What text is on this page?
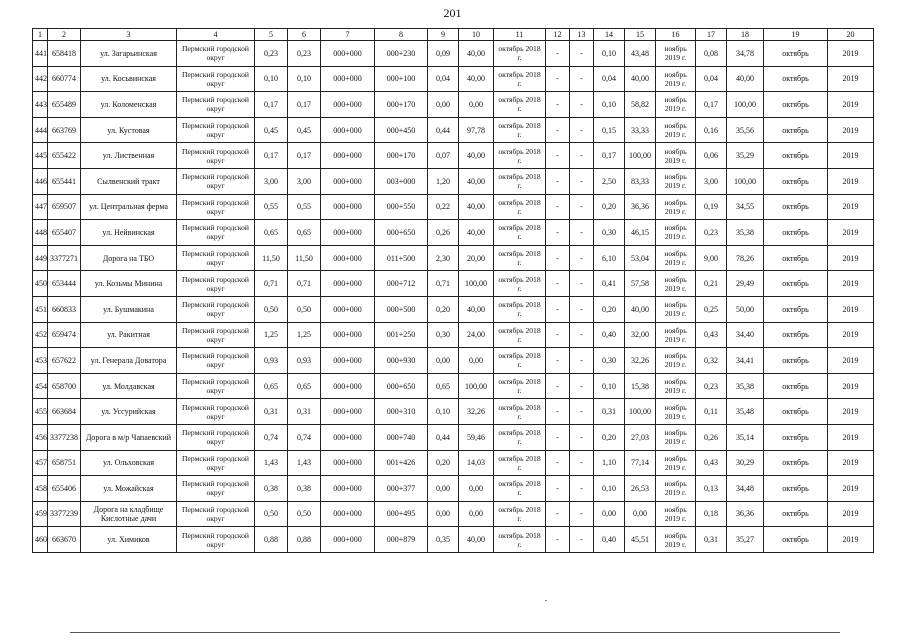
201
1	2	3	4	5	6	7	8	9	10	11	12	13	14	15	16	17	18	19	20
441	658418	ул. Загарьинская	Пермский городской округ	0,23	0,23	000+000	000+230	0,09	40,00	октябрь 2018 г.	-	-	0,10	43,48	ноябрь 2019 г.	0,08	34,78	октябрь	2019
442	660774	ул. Косьвинская	Пермский городской округ	0,10	0,10	000+000	000+100	0,04	40,00	октябрь 2018 г.	-	-	0,04	40,00	ноябрь 2019 г.	0,04	40,00	октябрь	2019
443	655489	ул. Коломенская	Пермский городской округ	0,17	0,17	000+000	000+170	0,00	0,00	октябрь 2018 г.	-	-	0,10	58,82	ноябрь 2019 г.	0,17	100,00	октябрь	2019
444	663769	ул. Кустовая	Пермский городской округ	0,45	0,45	000+000	000+450	0,44	97,78	октябрь 2018 г.	-	-	0,15	33,33	ноябрь 2019 г.	0,16	35,56	октябрь	2019
445	655422	ул. Лиственная	Пермский городской округ	0,17	0,17	000+000	000+170	0,07	40,00	октябрь 2018 г.	-	-	0,17	100,00	ноябрь 2019 г.	0,06	35,29	октябрь	2019
446	655441	Сылвенский тракт	Пермский городской округ	3,00	3,00	000+000	003+000	1,20	40,00	октябрь 2018 г.	-	-	2,50	83,33	ноябрь 2019 г.	3,00	100,00	октябрь	2019
447	659507	ул. Центральная ферма	Пермский городской округ	0,55	0,55	000+000	000+550	0,22	40,00	октябрь 2018 г.	-	-	0,20	36,36	ноябрь 2019 г.	0,19	34,55	октябрь	2019
448	655407	ул. Нейвинская	Пермский городской округ	0,65	0,65	000+000	000+650	0,26	40,00	октябрь 2018 г.	-	-	0,30	46,15	ноябрь 2019 г.	0,23	35,38	октябрь	2019
449	3377271	Дорога на ТБО	Пермский городской округ	11,50	11,50	000+000	011+500	2,30	20,00	октябрь 2018 г.	-	-	6,10	53,04	ноябрь 2019 г.	9,00	78,26	октябрь	2019
450	653444	ул. Козьмы Минина	Пермский городской округ	0,71	0,71	000+000	000+712	0,71	100,00	октябрь 2018 г.	-	-	0,41	57,58	ноябрь 2019 г.	0,21	29,49	октябрь	2019
451	660833	ул. Бушмакина	Пермский городской округ	0,50	0,50	000+000	000+500	0,20	40,00	октябрь 2018 г.	-	-	0,20	40,00	ноябрь 2019 г.	0,25	50,00	октябрь	2019
452	659474	ул. Ракитная	Пермский городской округ	1,25	1,25	000+000	001+250	0,30	24,00	октябрь 2018 г.	-	-	0,40	32,00	ноябрь 2019 г.	0,43	34,40	октябрь	2019
453	657622	ул. Генерала Доватора	Пермский городской округ	0,93	0,93	000+000	000+930	0,00	0,00	октябрь 2018 г.	-	-	0,30	32,26	ноябрь 2019 г.	0,32	34,41	октябрь	2019
454	658700	ул. Молдавская	Пермский городской округ	0,65	0,65	000+000	000+650	0,65	100,00	октябрь 2018 г.	-	-	0,10	15,38	ноябрь 2019 г.	0,23	35,38	октябрь	2019
455	663684	ул. Уссурийская	Пермский городской округ	0,31	0,31	000+000	000+310	0,10	32,26	октябрь 2018 г.	-	-	0,31	100,00	ноябрь 2019 г.	0,11	35,48	октябрь	2019
456	3377238	Дорога в м/р Чапаевский	Пермский городской округ	0,74	0,74	000+000	000+740	0,44	59,46	октябрь 2018 г.	-	-	0,20	27,03	ноябрь 2019 г.	0,26	35,14	октябрь	2019
457	658751	ул. Ольховская	Пермский городской округ	1,43	1,43	000+000	001+426	0,20	14,03	октябрь 2018 г.	-	-	1,10	77,14	ноябрь 2019 г.	0,43	30,29	октябрь	2019
458	655406	ул. Можайская	Пермский городской округ	0,38	0,38	000+000	000+377	0,00	0,00	октябрь 2018 г.	-	-	0,10	26,53	ноябрь 2019 г.	0,13	34,48	октябрь	2019
459	3377239	Дорога на кладбище Кислотные дачи	Пермский городской округ	0,50	0,50	000+000	000+495	0,00	0,00	октябрь 2018 г.	-	-	0,00	0,00	ноябрь 2019 г.	0,18	36,36	октябрь	2019
460	663670	ул. Химиков	Пермский городской округ	0,88	0,88	000+000	000+879	0,35	40,00	октябрь 2018 г.	-	-	0,40	45,51	ноябрь 2019 г.	0,31	35,27	октябрь	2019
